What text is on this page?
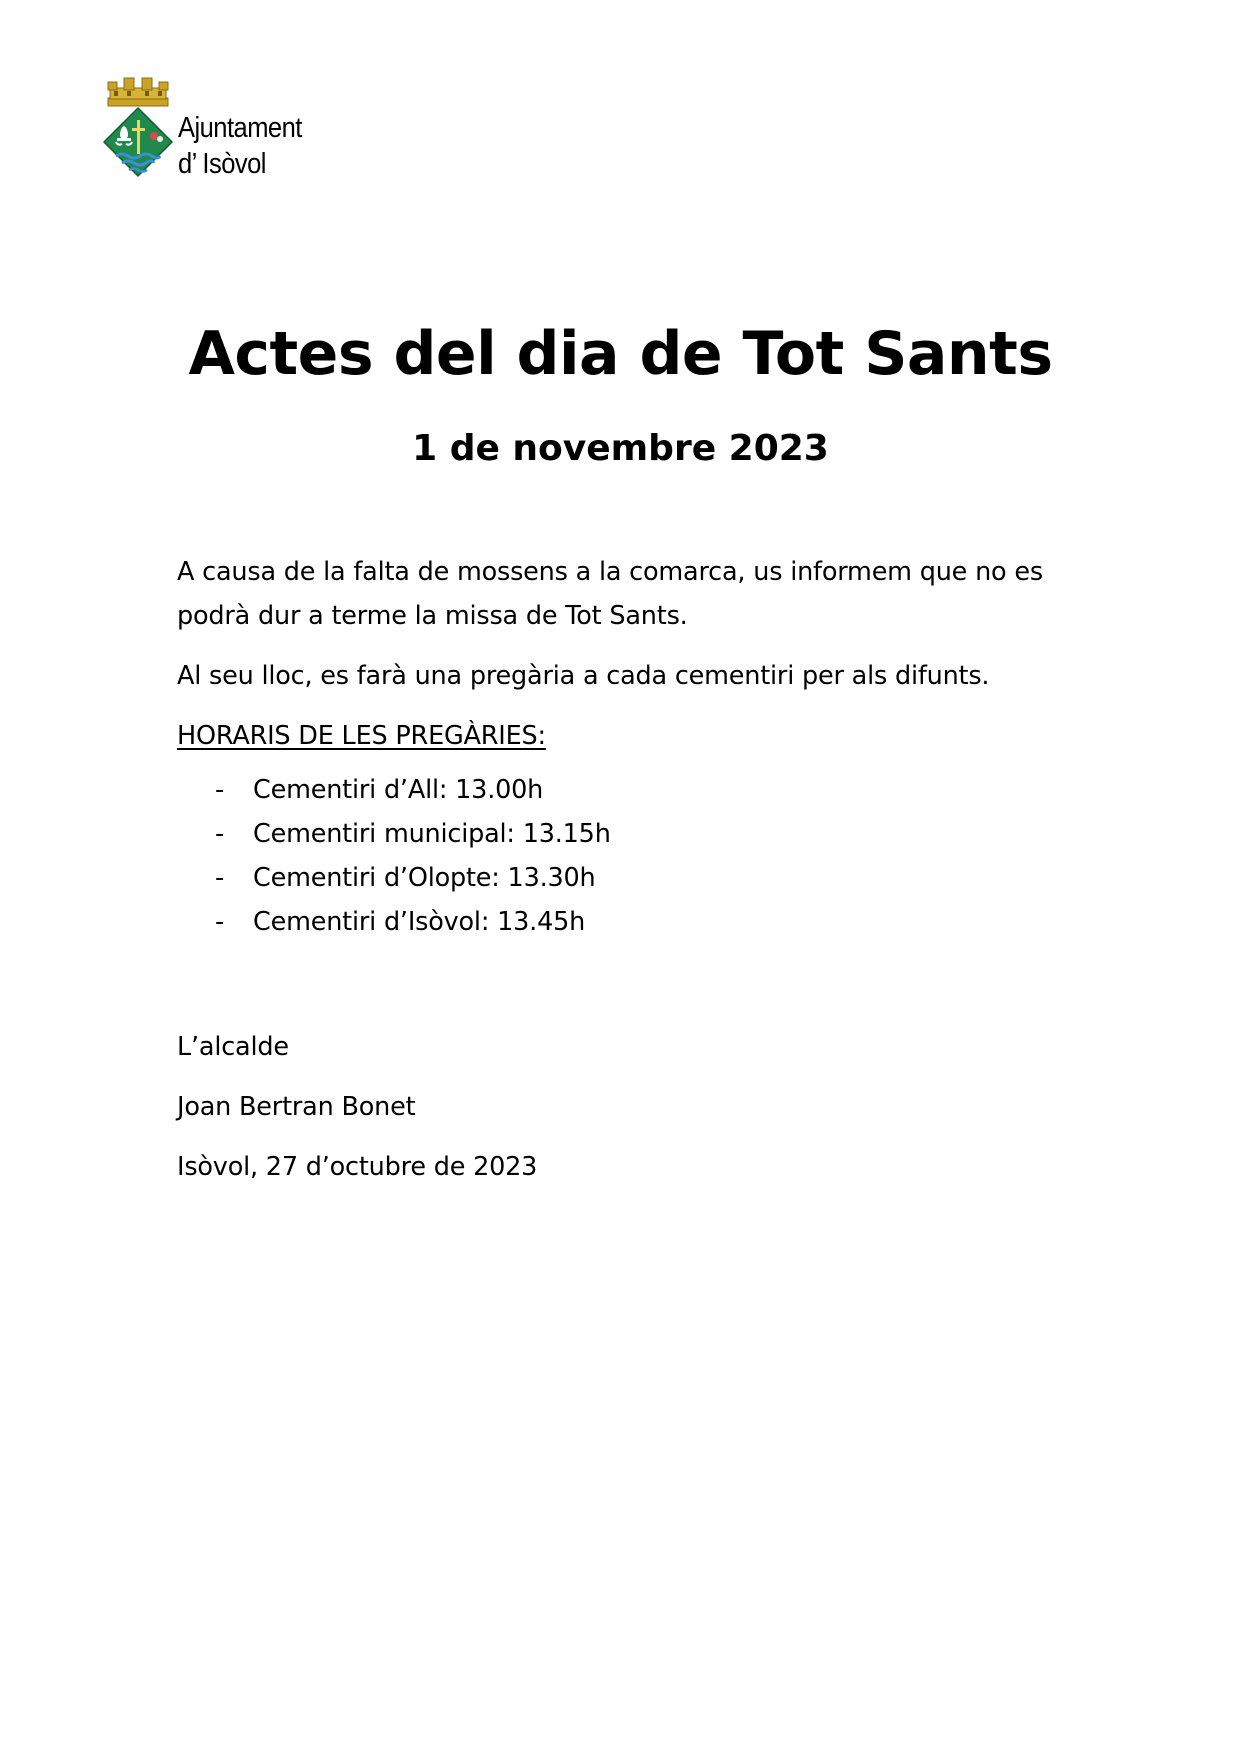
Ajuntament
d’ Isòvol
Actes del dia de Tot Sants
1 de novembre 2023

A causa de la falta de mossens a la comarca, us informem que no es podrà dur a terme la missa de Tot Sants.

Al seu lloc, es farà una pregària a cada cementiri per als difunts.

HORARIS DE LES PREGÀRIES:

- Cementiri d’All: 13.00h
- Cementiri municipal: 13.15h
- Cementiri d’Olopte: 13.30h
- Cementiri d’Isòvol: 13.45h
L’alcalde
Joan Bertran Bonet
Isòvol, 27 d’octubre de 2023
